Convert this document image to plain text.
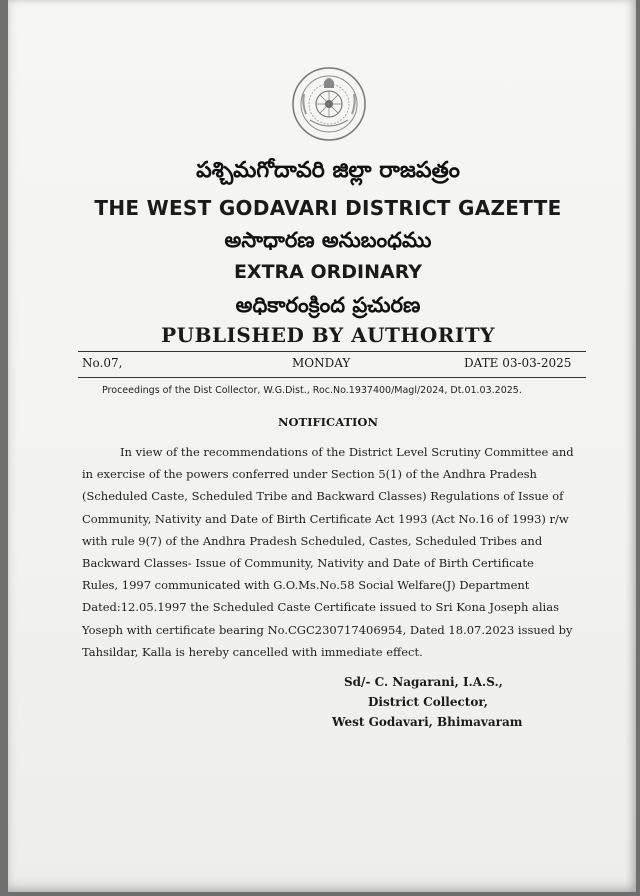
పశ్చిమగోదావరి జిల్లా రాజపత్రం
THE WEST GODAVARI DISTRICT GAZETTE
అసాధారణ అనుబంధము
EXTRA ORDINARY
అధికారంక్రింద ప్రచురణ
PUBLISHED BY AUTHORITY
No.07,	MONDAY	DATE 03-03-2025
Proceedings of the Dist Collector, W.G.Dist., Roc.No.1937400/Magl/2024, Dt.01.03.2025.
NOTIFICATION
In view of the recommendations of the District Level Scrutiny Committee and
in exercise of the powers conferred under Section 5(1) of the Andhra Pradesh
(Scheduled Caste, Scheduled Tribe and Backward Classes) Regulations of Issue of
Community, Nativity and Date of Birth Certificate Act 1993 (Act No.16 of 1993) r/w
with rule 9(7) of the Andhra Pradesh Scheduled, Castes, Scheduled Tribes and
Backward Classes- Issue of Community, Nativity and Date of Birth Certificate
Rules, 1997 communicated with G.O.Ms.No.58 Social Welfare(J) Department
Dated:12.05.1997 the Scheduled Caste Certificate issued to Sri Kona Joseph alias
Yoseph with certificate bearing No.CGC230717406954, Dated 18.07.2023 issued by
Tahsildar, Kalla is hereby cancelled with immediate effect.
Sd/- C. Nagarani, I.A.S.,
District Collector,
West Godavari, Bhimavaram
